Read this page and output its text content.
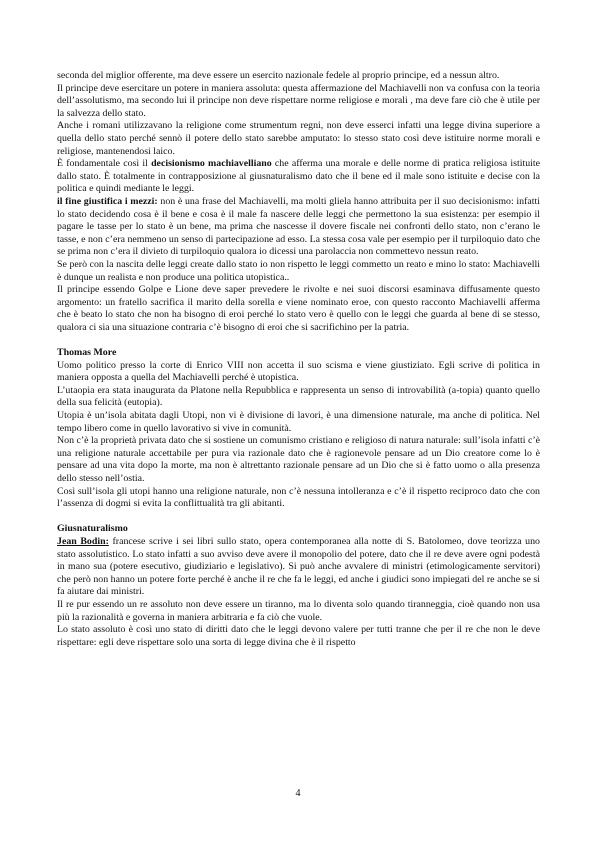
seconda del miglior offerente, ma deve essere un esercito nazionale fedele al proprio principe, ed a nessun altro.

Il principe deve esercitare un potere in maniera assoluta: questa affermazione del Machiavelli non va confusa con la teoria dell’assolutismo, ma secondo lui il principe non deve rispettare norme religiose e morali , ma deve fare ciò che è utile per la salvezza dello stato.

Anche i romani utilizzavano la religione come strumentum regni, non deve esserci infatti una legge divina superiore a quella dello stato perché sennò il potere dello stato sarebbe amputato: lo stesso stato così deve istituire norme morali e religiose, mantenendosi laico.

È fondamentale così il decisionismo machiavelliano che afferma una morale e delle norme di pratica religiosa istituite dallo stato. È totalmente in contrapposizione al giusnaturalismo dato che il bene ed il male sono istituite e decise con la politica e quindi mediante le leggi.

il fine giustifica i mezzi: non è una frase del Machiavelli, ma molti gliela hanno attribuita per il suo decisionismo: infatti lo stato decidendo cosa è il bene e cosa è il male fa nascere delle leggi che permettono la sua esistenza: per esempio il pagare le tasse per lo stato è un bene, ma prima che nascesse il dovere fiscale nei confronti dello stato, non c’erano le tasse, e non c’era nemmeno un senso di partecipazione ad esso. La stessa cosa vale per esempio per il turpiloquio dato che se prima non c’era il divieto di turpiloquio qualora io dicessi una parolaccia non commettevo nessun reato.

Se però con la nascita delle leggi create dallo stato io non rispetto le leggi commetto un reato e mino lo stato: Machiavelli è dunque un realista e non produce una politica utopistica..

Il principe essendo Golpe e Lione deve saper prevedere le rivolte e nei suoi discorsi esaminava diffusamente questo argomento: un fratello sacrifica il marito della sorella e viene nominato eroe, con questo racconto Machiavelli afferma che è beato lo stato che non ha bisogno di eroi perché lo stato vero è quello con le leggi che guarda al bene di se stesso, qualora ci sia una situazione contraria c’è bisogno di eroi che si sacrifichino per la patria.

Thomas More

Uomo politico presso la corte di Enrico VIII non accetta il suo scisma e viene giustiziato. Egli scrive di politica in maniera opposta a quella del Machiavelli perché è utopistica.

L’utaopia era stata inaugurata da Platone nella Repubblica e rappresenta un senso di introvabilità (a-topia) quanto quello della sua felicità (eutopia).

Utopia è un’isola abitata dagli Utopi, non vi è divisione di lavori, è una dimensione naturale, ma anche di politica. Nel tempo libero come in quello lavorativo si vive in comunità.

Non c’è la proprietà privata dato che si sostiene un comunismo cristiano e religioso di natura naturale: sull’isola infatti c’è una religione naturale accettabile per pura via razionale dato che è ragionevole pensare ad un Dio creatore come lo è pensare ad una vita dopo la morte, ma non è altrettanto razionale pensare ad un Dio che si è fatto uomo o alla presenza dello stesso nell’ostia.

Così sull’isola gli utopi hanno una religione naturale, non c’è nessuna intolleranza e c’è il rispetto reciproco dato che con l’assenza di dogmi si evita la conflittualità tra gli abitanti.

Giusnaturalismo

Jean Bodin: francese scrive i sei libri sullo stato, opera contemporanea alla notte di S. Batolomeo, dove teorizza uno stato assolutistico. Lo stato infatti a suo avviso deve avere il monopolio del potere, dato che il re deve avere ogni podestà in mano sua (potere esecutivo, giudiziario e legislativo). Si può anche avvalere di ministri (etimologicamente servitori) che però non hanno un potere forte perché è anche il re che fa le leggi, ed anche i giudici sono impiegati del re anche se si fa aiutare dai ministri.

Il re pur essendo un re assoluto non deve essere un tiranno, ma lo diventa solo quando tiranneggia, cioè quando non usa più la razionalità e governa in maniera arbitraria e fa ciò che vuole.

Lo stato assoluto è così uno stato di diritti dato che le leggi devono valere per tutti tranne che per il re che non le deve rispettare: egli deve rispettare solo una sorta di legge divina che è il rispetto

4
